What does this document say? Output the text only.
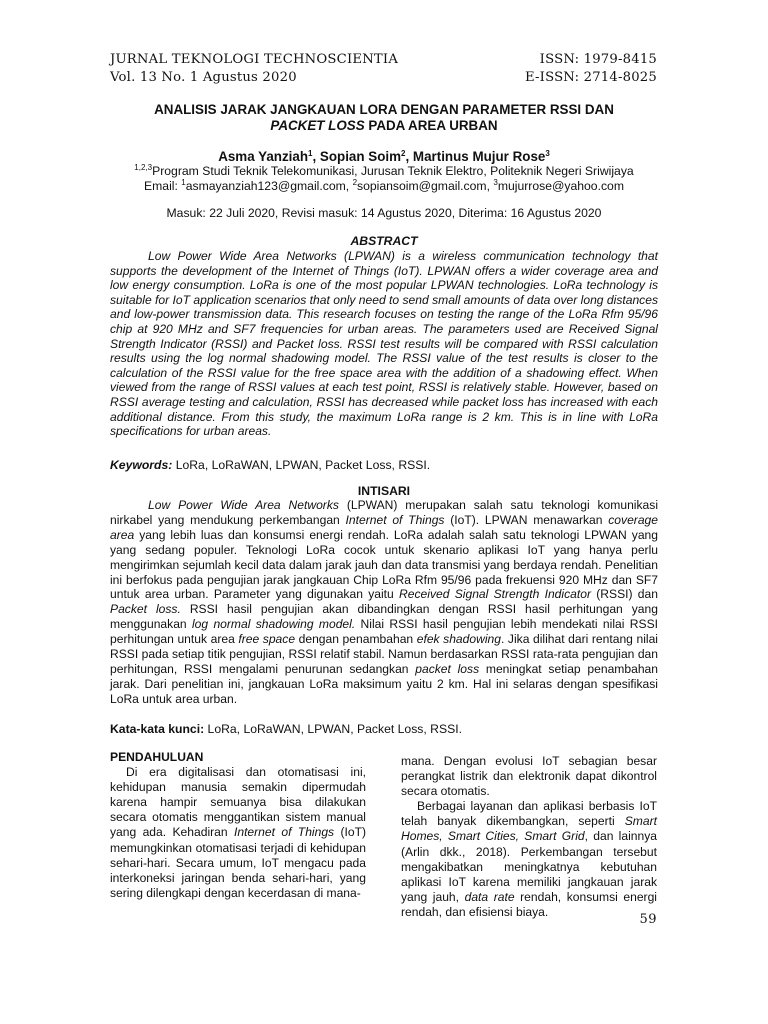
JURNAL TEKNOLOGI TECHNOSCIENTIA
Vol. 13 No. 1 Agustus 2020
ISSN: 1979-8415
E-ISSN: 2714-8025
ANALISIS JARAK JANGKAUAN LORA DENGAN PARAMETER RSSI DAN
PACKET LOSS PADA AREA URBAN
Asma Yanziah$^1$, Sopian Soim$^2$, Martinus Mujur Rose$^3$
$^{1,2,3}$Program Studi Teknik Telekomunikasi, Jurusan Teknik Elektro, Politeknik Negeri Sriwijaya
Email: $^1$asmayanziah123@gmail.com, $^2$sopiansoim@gmail.com, $^3$mujurrose@yahoo.com
Masuk: 22 Juli 2020, Revisi masuk: 14 Agustus 2020, Diterima: 16 Agustus 2020
ABSTRACT

Low Power Wide Area Networks (LPWAN) is a wireless communication technology that supports the development of the Internet of Things (IoT). LPWAN offers a wider coverage area and low energy consumption. LoRa is one of the most popular LPWAN technologies. LoRa technology is suitable for IoT application scenarios that only need to send small amounts of data over long distances and low-power transmission data. This research focuses on testing the range of the LoRa Rfm 95/96 chip at 920 MHz and SF7 frequencies for urban areas. The parameters used are Received Signal Strength Indicator (RSSI) and Packet loss. RSSI test results will be compared with RSSI calculation results using the log normal shadowing model. The RSSI value of the test results is closer to the calculation of the RSSI value for the free space area with the addition of a shadowing effect. When viewed from the range of RSSI values at each test point, RSSI is relatively stable. However, based on RSSI average testing and calculation, RSSI has decreased while packet loss has increased with each additional distance. From this study, the maximum LoRa range is 2 km. This is in line with LoRa specifications for urban areas.

Keywords: LoRa, LoRaWAN, LPWAN, Packet Loss, RSSI.
INTISARI

Low Power Wide Area Networks (LPWAN) merupakan salah satu teknologi komunikasi nirkabel yang mendukung perkembangan Internet of Things (IoT). LPWAN menawarkan coverage area yang lebih luas dan konsumsi energi rendah. LoRa adalah salah satu teknologi LPWAN yang yang sedang populer. Teknologi LoRa cocok untuk skenario aplikasi IoT yang hanya perlu mengirimkan sejumlah kecil data dalam jarak jauh dan data transmisi yang berdaya rendah. Penelitian ini berfokus pada pengujian jarak jangkauan Chip LoRa Rfm 95/96 pada frekuensi 920 MHz dan SF7 untuk area urban. Parameter yang digunakan yaitu Received Signal Strength Indicator (RSSI) dan Packet loss. RSSI hasil pengujian akan dibandingkan dengan RSSI hasil perhitungan yang menggunakan log normal shadowing model. Nilai RSSI hasil pengujian lebih mendekati nilai RSSI perhitungan untuk area free space dengan penambahan efek shadowing. Jika dilihat dari rentang nilai RSSI pada setiap titik pengujian, RSSI relatif stabil. Namun berdasarkan RSSI rata-rata pengujian dan perhitungan, RSSI mengalami penurunan sedangkan packet loss meningkat setiap penambahan jarak. Dari penelitian ini, jangkauan LoRa maksimum yaitu 2 km. Hal ini selaras dengan spesifikasi LoRa untuk area urban.

Kata-kata kunci: LoRa, LoRaWAN, LPWAN, Packet Loss, RSSI.

PENDAHULUAN

Di era digitalisasi dan otomatisasi ini, kehidupan manusia semakin dipermudah karena hampir semuanya bisa dilakukan secara otomatis menggantikan sistem manual yang ada. Kehadiran Internet of Things (IoT) memungkinkan otomatisasi terjadi di kehidupan sehari-hari. Secara umum, IoT mengacu pada interkoneksi jaringan benda sehari-hari, yang sering dilengkapi dengan kecerdasan di mana-

mana. Dengan evolusi IoT sebagian besar perangkat listrik dan elektronik dapat dikontrol secara otomatis.

Berbagai layanan dan aplikasi berbasis IoT telah banyak dikembangkan, seperti Smart Homes, Smart Cities, Smart Grid, dan lainnya (Arlin dkk., 2018). Perkembangan tersebut mengakibatkan meningkatnya kebutuhan aplikasi IoT karena memiliki jangkauan jarak yang jauh, data rate rendah, konsumsi energi rendah, dan efisiensi biaya.

59
